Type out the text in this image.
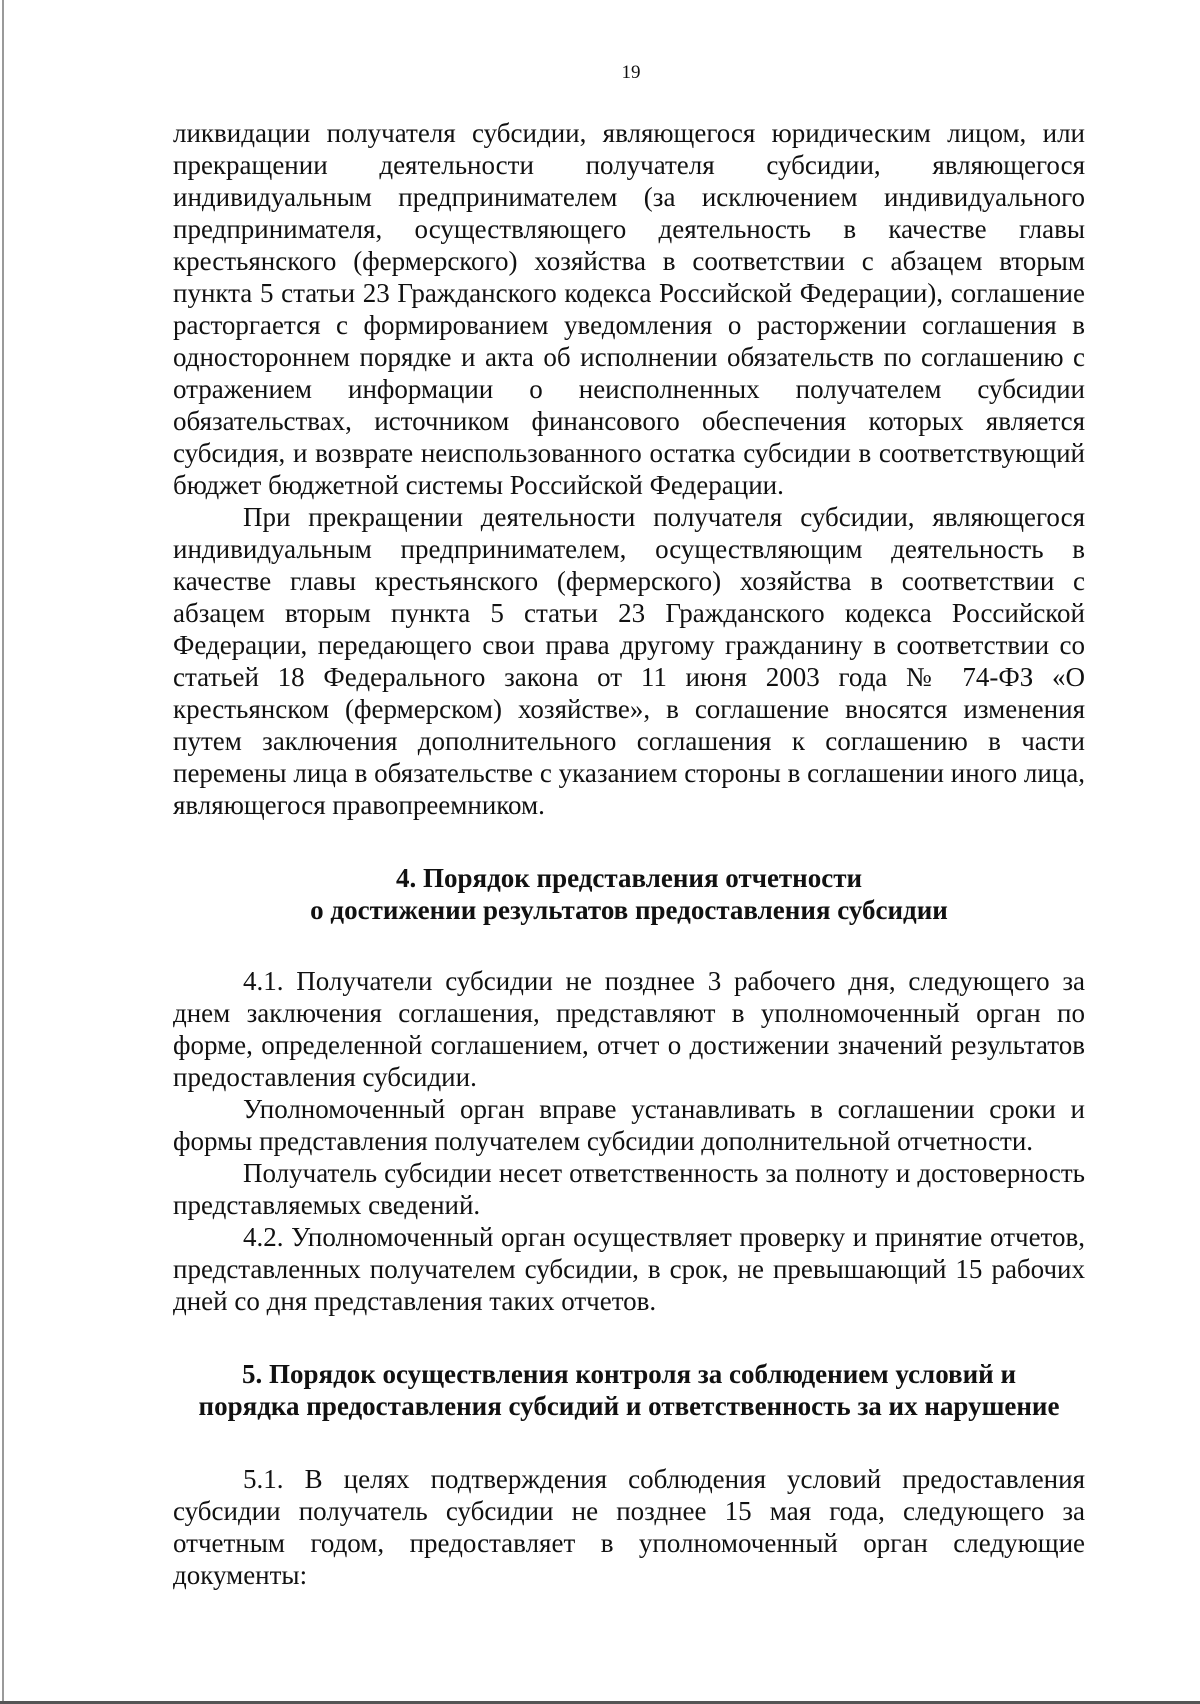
19

ликвидации получателя субсидии, являющегося юридическим лицом, или прекращении деятельности получателя субсидии, являющегося индивидуальным предпринимателем (за исключением индивидуального предпринимателя, осуществляющего деятельность в качестве главы крестьянского (фермерского) хозяйства в соответствии с абзацем вторым пункта 5 статьи 23 Гражданского кодекса Российской Федерации), соглашение расторгается с формированием уведомления о расторжении соглашения в одностороннем порядке и акта об исполнении обязательств по соглашению с отражением информации о неисполненных получателем субсидии обязательствах, источником финансового обеспечения которых является субсидия, и возврате неиспользованного остатка субсидии в соответствующий бюджет бюджетной системы Российской Федерации.

При прекращении деятельности получателя субсидии, являющегося индивидуальным предпринимателем, осуществляющим деятельность в качестве главы крестьянского (фермерского) хозяйства в соответствии с абзацем вторым пункта 5 статьи 23 Гражданского кодекса Российской Федерации, передающего свои права другому гражданину в соответствии со статьей 18 Федерального закона от 11 июня 2003 года № 74-ФЗ «О крестьянском (фермерском) хозяйстве», в соглашение вносятся изменения путем заключения дополнительного соглашения к соглашению в части перемены лица в обязательстве с указанием стороны в соглашении иного лица, являющегося правопреемником.

4. Порядок представления отчетности
о достижении результатов предоставления субсидии

4.1. Получатели субсидии не позднее 3 рабочего дня, следующего за днем заключения соглашения, представляют в уполномоченный орган по форме, определенной соглашением, отчет о достижении значений результатов предоставления субсидии.

Уполномоченный орган вправе устанавливать в соглашении сроки и формы представления получателем субсидии дополнительной отчетности.

Получатель субсидии несет ответственность за полноту и достоверность представляемых сведений.

4.2. Уполномоченный орган осуществляет проверку и принятие отчетов, представленных получателем субсидии, в срок, не превышающий 15 рабочих дней со дня представления таких отчетов.

5. Порядок осуществления контроля за соблюдением условий и
порядка предоставления субсидий и ответственность за их нарушение

5.1. В целях подтверждения соблюдения условий предоставления субсидии получатель субсидии не позднее 15 мая года, следующего за отчетным годом, предоставляет в уполномоченный орган следующие документы:
